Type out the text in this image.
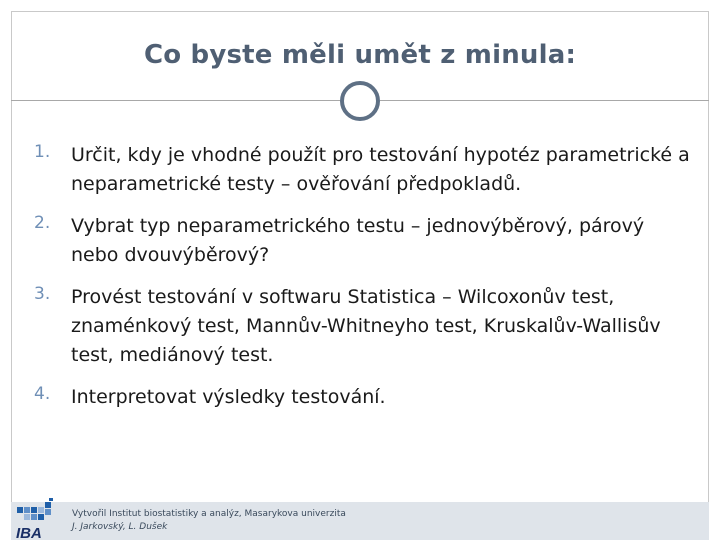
Co byste měli umět z minula:
1. Určit, kdy je vhodné použít pro testování hypotéz parametrické a neparametrické testy – ověřování předpokladů.
2. Vybrat typ neparametrického testu – jednovýběrový, párový nebo dvouvýběrový?
3. Provést testování v softwaru Statistica – Wilcoxonův test, znaménkový test, Mannův-Whitneyho test, Kruskalův-Wallisův test, mediánový test.
4. Interpretovat výsledky testování.
IBA
Vytvořil Institut biostatistiky a analýz, Masarykova univerzita
J. Jarkovský, L. Dušek
